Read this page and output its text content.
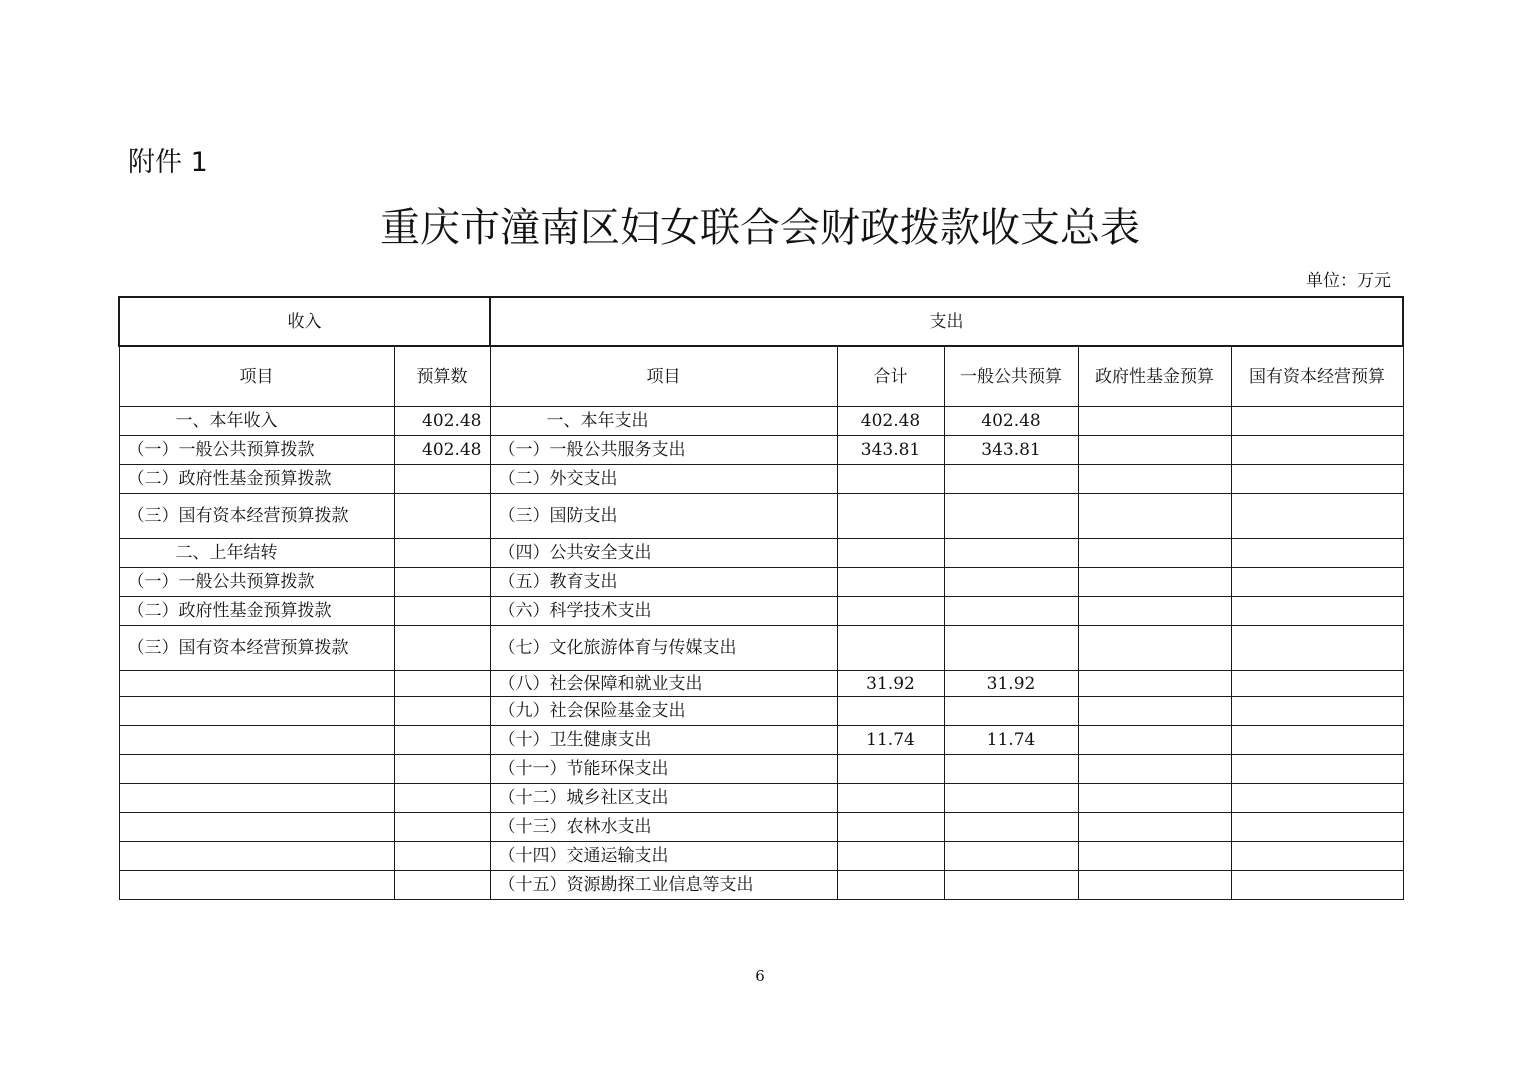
附件 1
重庆市潼南区妇女联合会财政拨款收支总表
单位：万元
收入		支出				
项目	预算数	项目	合计	一般公共预算	政府性基金预算	国有资本经营预算
一、本年收入	402.48	一、本年支出	402.48	402.48		
（一）一般公共预算拨款	402.48	（一）一般公共服务支出	343.81	343.81		
（二）政府性基金预算拨款		（二）外交支出				
（三）国有资本经营预算拨款		（三）国防支出				
二、上年结转		（四）公共安全支出				
（一）一般公共预算拨款		（五）教育支出				
（二）政府性基金预算拨款		（六）科学技术支出				
（三）国有资本经营预算拨款		（七）文化旅游体育与传媒支出				
		（八）社会保障和就业支出	31.92	31.92		
		（九）社会保险基金支出				
		（十）卫生健康支出	11.74	11.74		
		（十一）节能环保支出				
		（十二）城乡社区支出				
		（十三）农林水支出				
		（十四）交通运输支出				
		（十五）资源勘探工业信息等支出				
6
